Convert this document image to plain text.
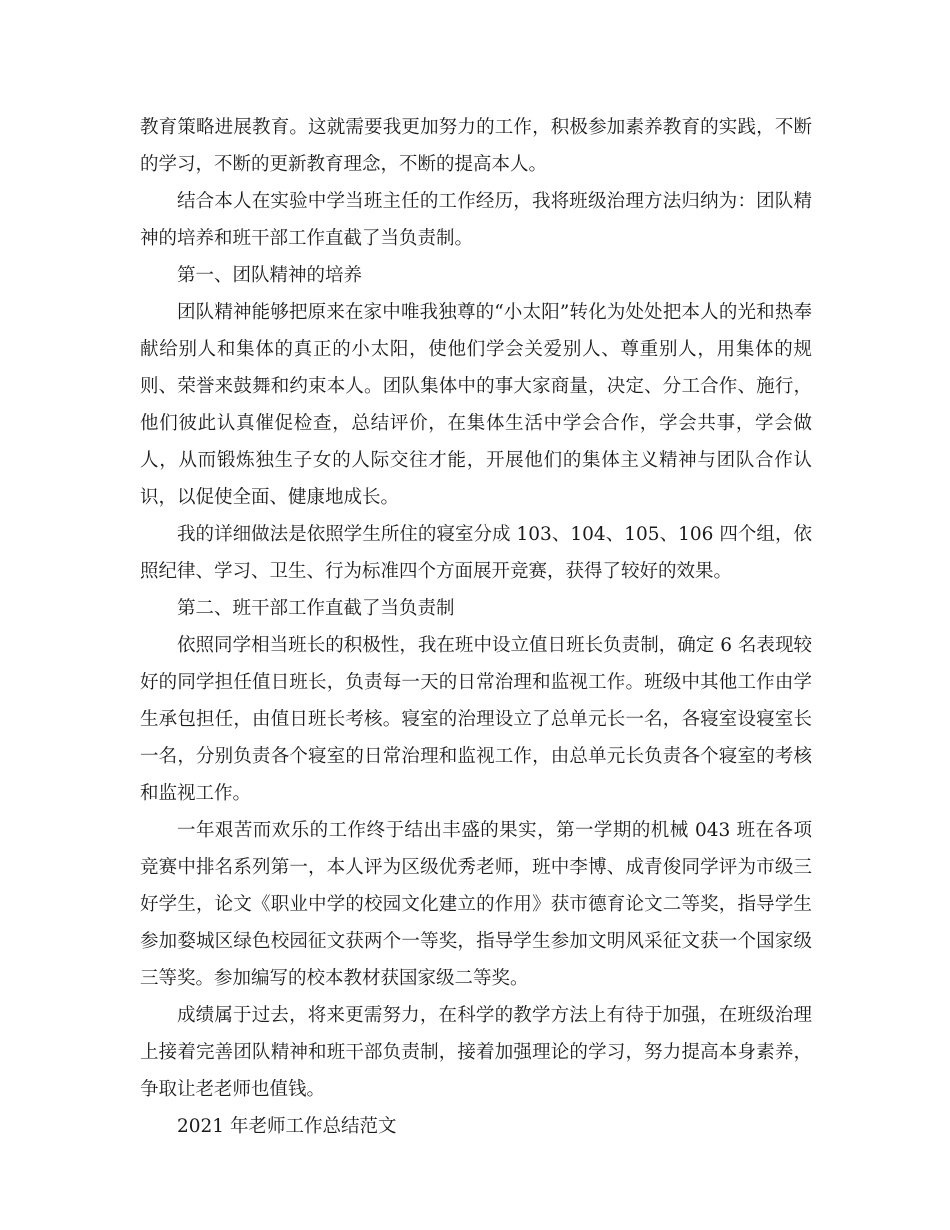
教育策略进展教育。这就需要我更加努力的工作，积极参加素养教育的实践，不断的学习，不断的更新教育理念，不断的提高本人。

结合本人在实验中学当班主任的工作经历，我将班级治理方法归纳为：团队精神的培养和班干部工作直截了当负责制。

第一、团队精神的培养

团队精神能够把原来在家中唯我独尊的“小太阳”转化为处处把本人的光和热奉献给别人和集体的真正的小太阳，使他们学会关爱别人、尊重别人，用集体的规则、荣誉来鼓舞和约束本人。团队集体中的事大家商量，决定、分工合作、施行，他们彼此认真催促检查，总结评价，在集体生活中学会合作，学会共事，学会做人，从而锻炼独生子女的人际交往才能，开展他们的集体主义精神与团队合作认识，以促使全面、健康地成长。

我的详细做法是依照学生所住的寝室分成 103、104、105、106 四个组，依照纪律、学习、卫生、行为标准四个方面展开竞赛，获得了较好的效果。

第二、班干部工作直截了当负责制

依照同学相当班长的积极性，我在班中设立值日班长负责制，确定 6 名表现较好的同学担任值日班长，负责每一天的日常治理和监视工作。班级中其他工作由学生承包担任，由值日班长考核。寝室的治理设立了总单元长一名，各寝室设寝室长一名，分别负责各个寝室的日常治理和监视工作，由总单元长负责各个寝室的考核和监视工作。

一年艰苦而欢乐的工作终于结出丰盛的果实，第一学期的机械 043 班在各项竞赛中排名系列第一，本人评为区级优秀老师，班中李博、成青俊同学评为市级三好学生，论文《职业中学的校园文化建立的作用》获市德育论文二等奖，指导学生参加婺城区绿色校园征文获两个一等奖，指导学生参加文明风采征文获一个国家级三等奖。参加编写的校本教材获国家级二等奖。

成绩属于过去，将来更需努力，在科学的教学方法上有待于加强，在班级治理上接着完善团队精神和班干部负责制，接着加强理论的学习，努力提高本身素养，争取让老老师也值钱。

2021 年老师工作总结范文
